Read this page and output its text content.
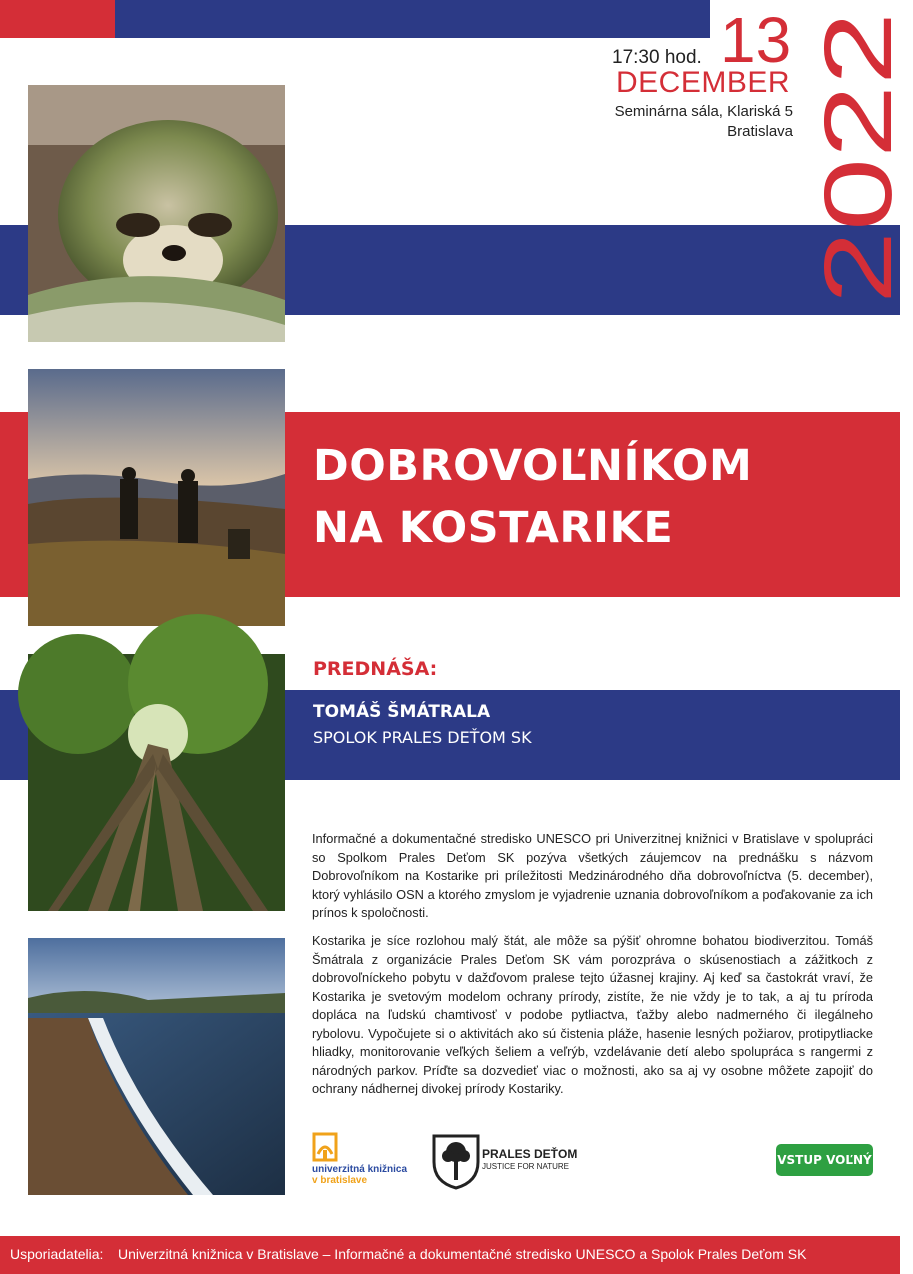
13
2022
17:30 hod.
DECEMBER
Seminárna sála, Klariská 5
Bratislava
DOBROVOĽNÍKOM
NA KOSTARIKE
PREDNÁŠA:
TOMÁŠ ŠMÁTRALA
SPOLOK PRALES DEŤOM SK

Informačné a dokumentačné stredisko UNESCO pri Univerzitnej knižnici v Bratislave v spolupráci so Spolkom Prales Deťom SK pozýva všetkých záujemcov na prednášku s názvom Dobrovoľníkom na Kostarike pri príležitosti Medzinárodného dňa dobrovoľníctva (5. december), ktorý vyhlásilo OSN a ktorého zmyslom je vyjadrenie uznania dobrovoľníkom a poďakovanie za ich prínos k spoločnosti.

Kostarika je síce rozlohou malý štát, ale môže sa pýšiť ohromne bohatou biodiverzitou. Tomáš Šmátrala z organizácie Prales Deťom SK vám porozpráva o skúsenostiach a zážitkoch z dobrovoľníckeho pobytu v dažďovom pralese tejto úžasnej krajiny. Aj keď sa častokrát vraví, že Kostarika je svetovým modelom ochrany prírody, zistíte, že nie vždy je to tak, a aj tu príroda dopláca na ľudskú chamtivosť v podobe pytliactva, ťažby alebo nadmerného či ilegálneho rybolovu. Vypočujete si o aktivitách ako sú čistenia pláže, hasenie lesných požiarov, protipytliacke hliadky, monitorovanie veľkých šeliem a veľrýb, vzdelávanie detí alebo spolupráca s rangermi z národných parkov. Príďte sa dozvedieť viac o možnosti, ako sa aj vy osobne môžete zapojiť do ochrany nádhernej divokej prírody Kostariky.

univerzitná knižnica
v bratislave
PRALES DEŤOM
JUSTICE FOR NATURE	VSTUP VOĽNÝ
Usporiadatelia: Univerzitná knižnica v Bratislave – Informačné a dokumentačné stredisko UNESCO a Spolok Prales Deťom SK
